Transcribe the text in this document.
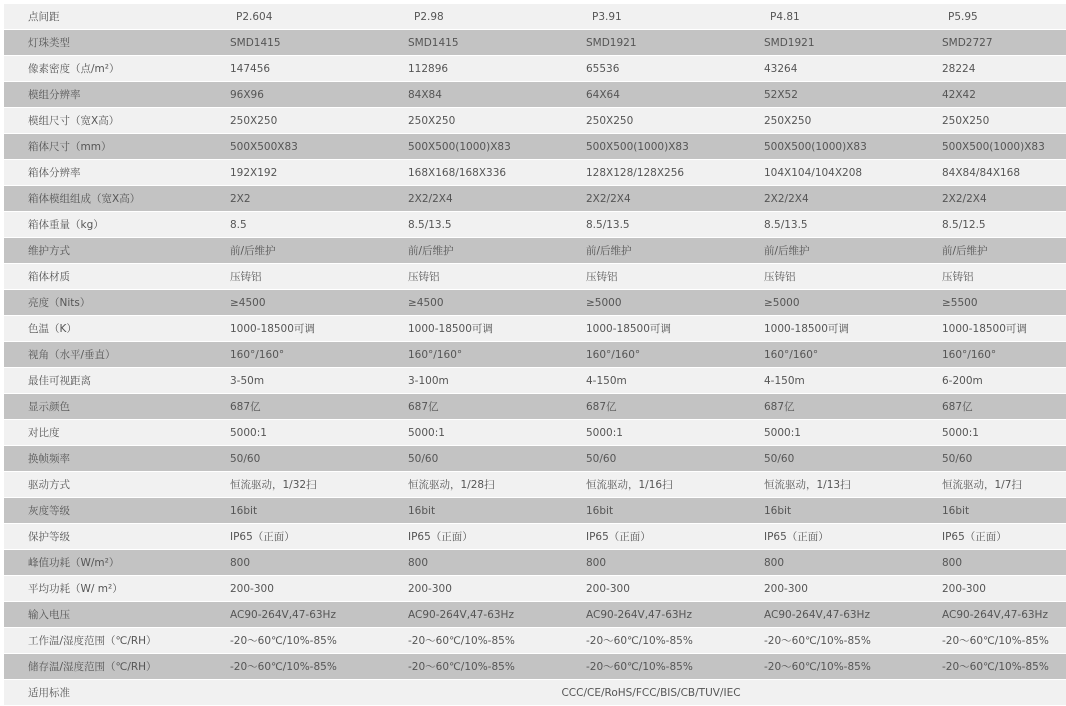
点间距	P2.604	P2.98	P3.91	P4.81	P5.95
灯珠类型	SMD1415	SMD1415	SMD1921	SMD1921	SMD2727
像素密度（点/m²）	147456	112896	65536	43264	28224
模组分辨率	96X96	84X84	64X64	52X52	42X42
模组尺寸（宽X高）	250X250	250X250	250X250	250X250	250X250
箱体尺寸（mm）	500X500X83	500X500(1000)X83	500X500(1000)X83	500X500(1000)X83	500X500(1000)X83
箱体分辨率	192X192	168X168/168X336	128X128/128X256	104X104/104X208	84X84/84X168
箱体模组组成（宽X高）	2X2	2X2/2X4	2X2/2X4	2X2/2X4	2X2/2X4
箱体重量（kg）	8.5	8.5/13.5	8.5/13.5	8.5/13.5	8.5/12.5
维护方式	前/后维护	前/后维护	前/后维护	前/后维护	前/后维护
箱体材质	压铸铝	压铸铝	压铸铝	压铸铝	压铸铝
亮度（Nits）	≥4500	≥4500	≥5000	≥5000	≥5500
色温（K）	1000-18500可调	1000-18500可调	1000-18500可调	1000-18500可调	1000-18500可调
视角（水平/垂直）	160°/160°	160°/160°	160°/160°	160°/160°	160°/160°
最佳可视距离	3-50m	3-100m	4-150m	4-150m	6-200m
显示颜色	687亿	687亿	687亿	687亿	687亿
对比度	5000:1	5000:1	5000:1	5000:1	5000:1
换帧频率	50/60	50/60	50/60	50/60	50/60
驱动方式	恒流驱动，1/32扫	恒流驱动，1/28扫	恒流驱动，1/16扫	恒流驱动，1/13扫	恒流驱动，1/7扫
灰度等级	16bit	16bit	16bit	16bit	16bit
保护等级	IP65（正面）	IP65（正面）	IP65（正面）	IP65（正面）	IP65（正面）
峰值功耗（W/m²）	800	800	800	800	800
平均功耗（W/ m²）	200-300	200-300	200-300	200-300	200-300
输入电压	AC90-264V,47-63Hz	AC90-264V,47-63Hz	AC90-264V,47-63Hz	AC90-264V,47-63Hz	AC90-264V,47-63Hz
工作温/湿度范围（℃/RH）	-20～60℃/10%-85%	-20～60℃/10%-85%	-20～60℃/10%-85%	-20～60℃/10%-85%	-20～60℃/10%-85%
储存温/湿度范围（℃/RH）	-20～60℃/10%-85%	-20～60℃/10%-85%	-20～60℃/10%-85%	-20～60℃/10%-85%	-20～60℃/10%-85%
适用标准	CCC/CE/RoHS/FCC/BIS/CB/TUV/IEC				
